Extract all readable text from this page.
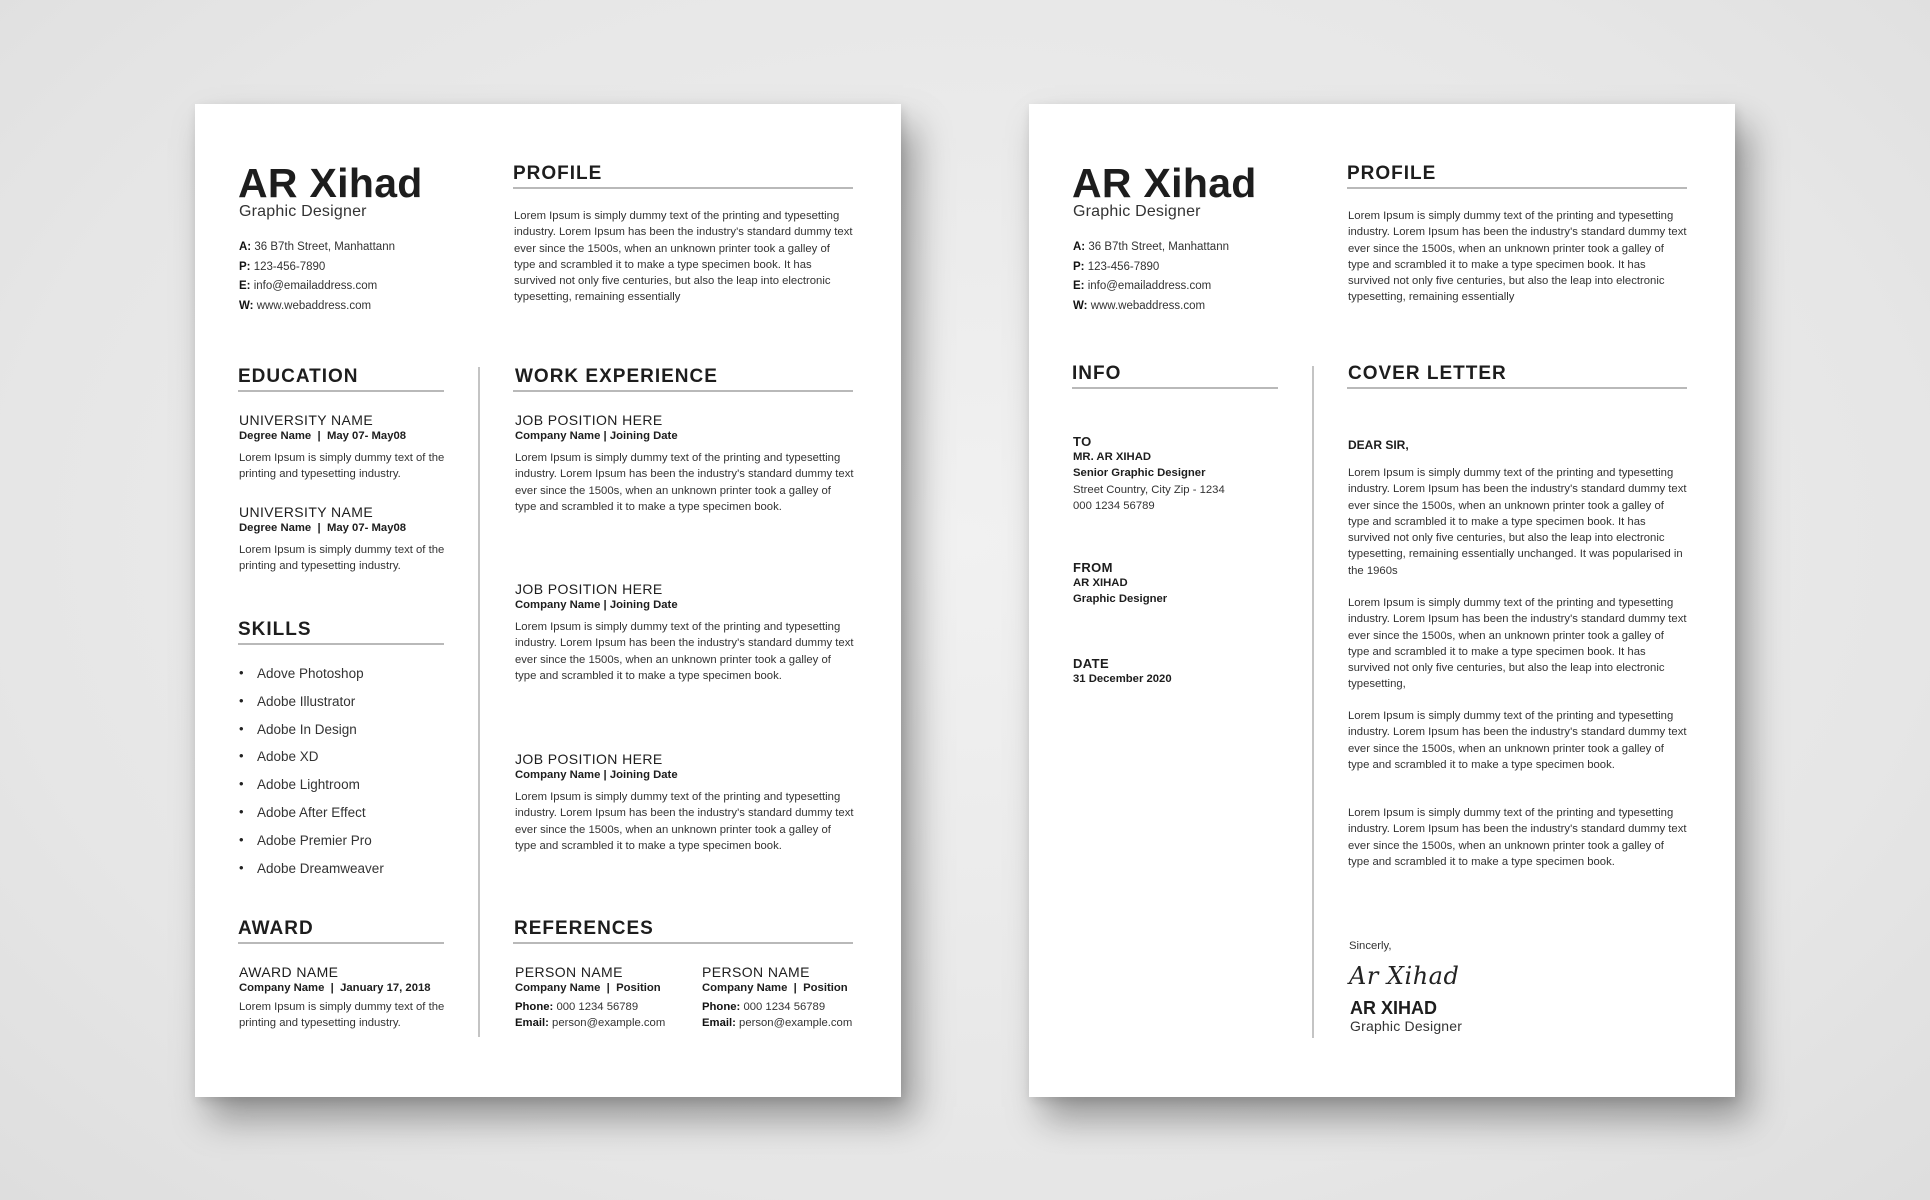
AR Xihad
Graphic Designer
A: 36 B7th Street, Manhattann
P: 123-456-7890
E: info@emailaddress.com
W: www.webaddress.com
PROFILE
Lorem Ipsum is simply dummy text of the printing and typesetting industry. Lorem Ipsum has been the industry's standard dummy text ever since the 1500s, when an unknown printer took a galley of type and scrambled it to make a type specimen book. It has survived not only five centuries, but also the leap into electronic typesetting, remaining essentially
EDUCATION
UNIVERSITY NAME
Degree Name  |  May 07- May08
Lorem Ipsum is simply dummy text of the printing and typesetting industry.
UNIVERSITY NAME
Degree Name  |  May 07- May08
Lorem Ipsum is simply dummy text of the printing and typesetting industry.
SKILLS
• Adove Photoshop
• Adobe Illustrator
• Adobe In Design
• Adobe XD
• Adobe Lightroom
• Adobe After Effect
• Adobe Premier Pro
• Adobe Dreamweaver
AWARD
AWARD NAME
Company Name  |  January 17, 2018
Lorem Ipsum is simply dummy text of the printing and typesetting industry.
WORK EXPERIENCE
JOB POSITION HERE
Company Name | Joining Date
Lorem Ipsum is simply dummy text of the printing and typesetting industry. Lorem Ipsum has been the industry's standard dummy text ever since the 1500s, when an unknown printer took a galley of type and scrambled it to make a type specimen book.
JOB POSITION HERE
Company Name | Joining Date
Lorem Ipsum is simply dummy text of the printing and typesetting industry. Lorem Ipsum has been the industry's standard dummy text ever since the 1500s, when an unknown printer took a galley of type and scrambled it to make a type specimen book.
JOB POSITION HERE
Company Name | Joining Date
Lorem Ipsum is simply dummy text of the printing and typesetting industry. Lorem Ipsum has been the industry's standard dummy text ever since the 1500s, when an unknown printer took a galley of type and scrambled it to make a type specimen book.
REFERENCES
PERSON NAME
Company Name  |  Position
Phone: 000 1234 56789
Email: person@example.com
PERSON NAME
Company Name  |  Position
Phone: 000 1234 56789
Email: person@example.com
AR Xihad
Graphic Designer
A: 36 B7th Street, Manhattann
P: 123-456-7890
E: info@emailaddress.com
W: www.webaddress.com
PROFILE
Lorem Ipsum is simply dummy text of the printing and typesetting industry. Lorem Ipsum has been the industry's standard dummy text ever since the 1500s, when an unknown printer took a galley of type and scrambled it to make a type specimen book. It has survived not only five centuries, but also the leap into electronic typesetting, remaining essentially
INFO
TO
MR. AR XIHAD
Senior Graphic Designer
Street Country, City Zip - 1234
000 1234 56789
FROM
AR XIHAD
Graphic Designer
DATE
31 December 2020
COVER LETTER
DEAR SIR,
Lorem Ipsum is simply dummy text of the printing and typesetting industry. Lorem Ipsum has been the industry's standard dummy text ever since the 1500s, when an unknown printer took a galley of type and scrambled it to make a type specimen book. It has survived not only five centuries, but also the leap into electronic typesetting, remaining essentially unchanged. It was popularised in the 1960s
Lorem Ipsum is simply dummy text of the printing and typesetting industry. Lorem Ipsum has been the industry's standard dummy text ever since the 1500s, when an unknown printer took a galley of type and scrambled it to make a type specimen book. It has survived not only five centuries, but also the leap into electronic typesetting,
Lorem Ipsum is simply dummy text of the printing and typesetting industry. Lorem Ipsum has been the industry's standard dummy text ever since the 1500s, when an unknown printer took a galley of type and scrambled it to make a type specimen book.
Lorem Ipsum is simply dummy text of the printing and typesetting industry. Lorem Ipsum has been the industry's standard dummy text ever since the 1500s, when an unknown printer took a galley of type and scrambled it to make a type specimen book.
Sincerly,
Ar Xihad
AR XIHAD
Graphic Designer
